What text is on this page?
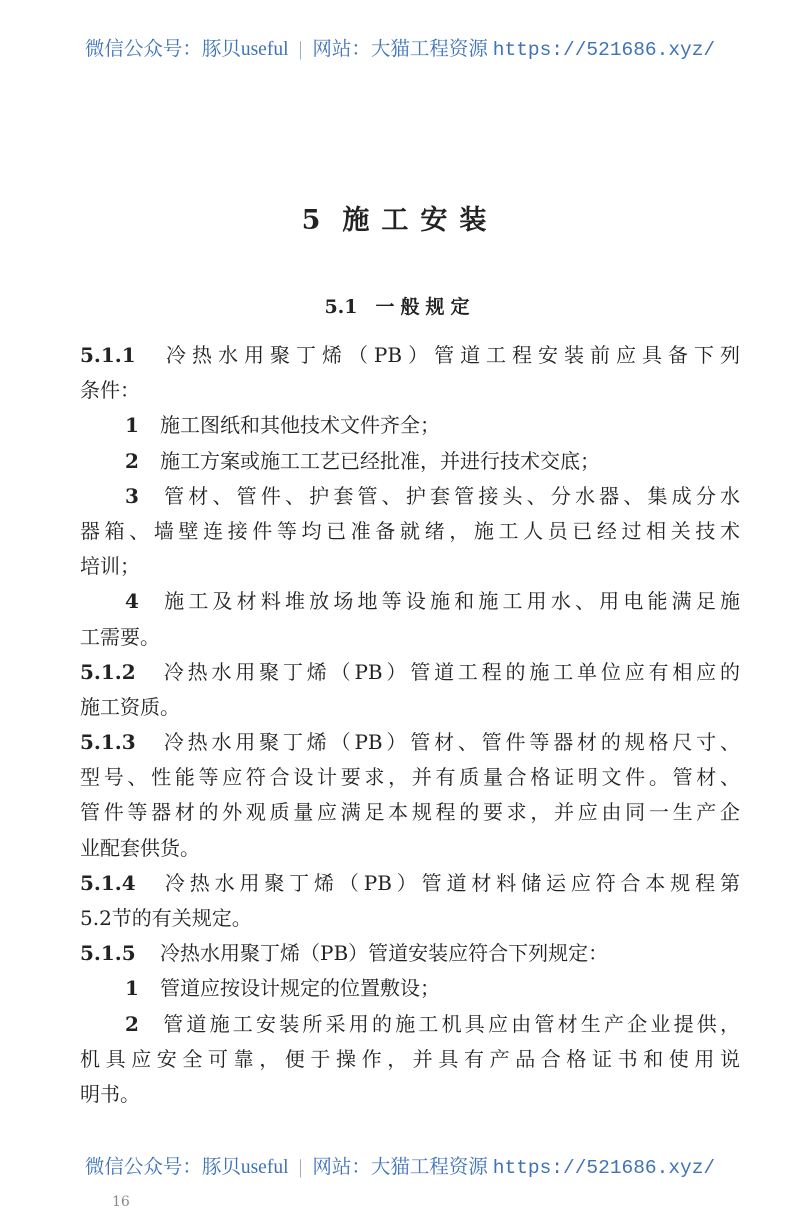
微信公众号：豚贝useful | 网站：大猫工程资源 https://521686.xyz/
5 施工安装
5.1 一般规定
5.1.1 冷热水用聚丁烯（PB）管道工程安装前应具备下列
条件：
1 施工图纸和其他技术文件齐全；
2 施工方案或施工工艺已经批准，并进行技术交底；
3 管材、管件、护套管、护套管接头、分水器、集成分水
器箱、墙壁连接件等均已准备就绪，施工人员已经过相关技术
培训；
4 施工及材料堆放场地等设施和施工用水、用电能满足施
工需要。
5.1.2 冷热水用聚丁烯（PB）管道工程的施工单位应有相应的
施工资质。
5.1.3 冷热水用聚丁烯（PB）管材、管件等器材的规格尺寸、
型号、性能等应符合设计要求，并有质量合格证明文件。管材、
管件等器材的外观质量应满足本规程的要求，并应由同一生产企
业配套供货。
5.1.4 冷热水用聚丁烯（PB）管道材料储运应符合本规程第
5.2节的有关规定。
5.1.5 冷热水用聚丁烯（PB）管道安装应符合下列规定：
1 管道应按设计规定的位置敷设；
2 管道施工安装所采用的施工机具应由管材生产企业提供，
机具应安全可靠，便于操作，并具有产品合格证书和使用说
明书。
微信公众号：豚贝useful | 网站：大猫工程资源 https://521686.xyz/
16
